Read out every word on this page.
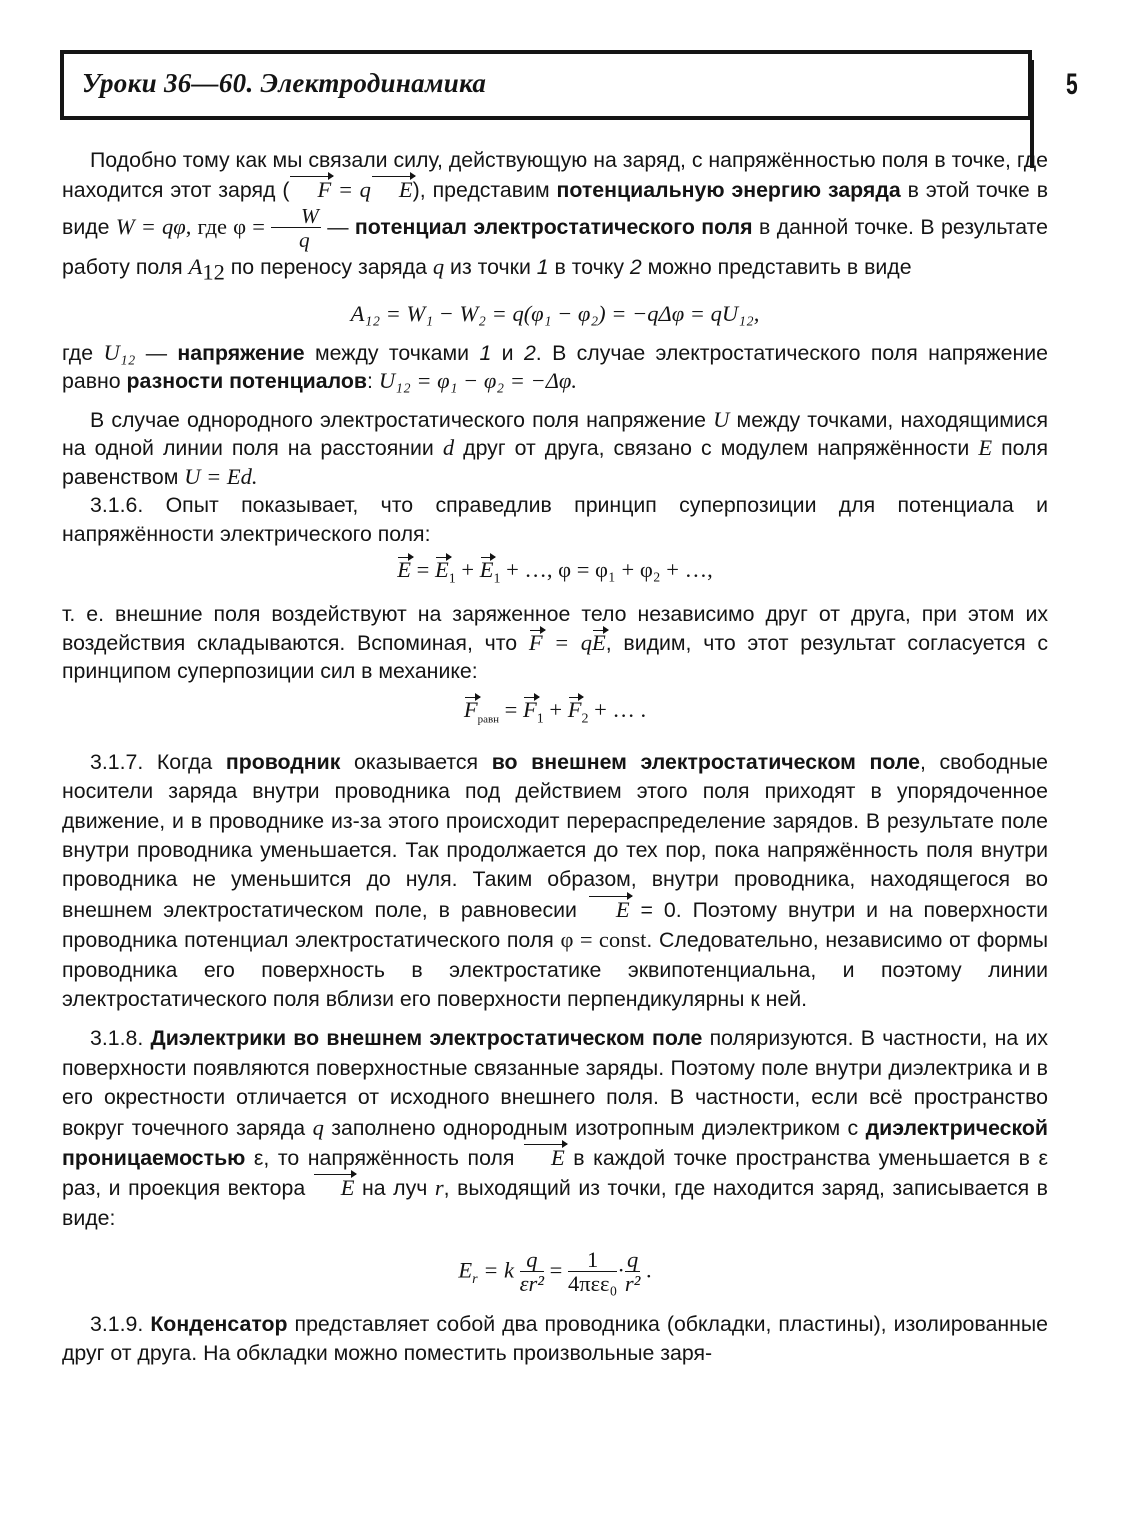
Уроки 36—60. Электродинамика	5

Подобно тому как мы связали силу, действующую на заряд, с напряжённостью поля в точке, где находится этот заряд ( F = q E), представим потенциальную энергию заряда в этой точке в виде W = qφ, где $\varphi = \frac{W}{q}$ — потенциал электростатического поля в данной точке. В результате работу поля $A_{12}$ по переносу заряда q из точки 1 в точку 2 можно представить в виде

A₁₂ = W₁ − W₂ = q(φ₁ − φ₂) = −qΔφ = qU₁₂,

где U₁₂ — напряжение между точками 1 и 2. В случае электростатического поля напряжение равно разности потенциалов: U₁₂ = φ₁ − φ₂ = −Δφ.

В случае однородного электростатического поля напряжение U между точками, находящимися на одной линии поля на расстоянии d друг от друга, связано с модулем напряжённости E поля равенством U = Ed.

3.1.6. Опыт показывает, что справедлив принцип суперпозиции для потенциала и напряжённости электрического поля:

$E = E_1 + E_1$ + …, φ = φ₁ + φ₂ + …,

т. е. внешние поля воздействуют на заряженное тело независимо друг от друга, при этом их воздействия складываются. Вспоминая, что F = qE, видим, что этот результат согласуется с принципом суперпозиции сил в механике:

$F_{равн} = F_1 + F_2$ + … .

3.1.7. Когда проводник оказывается во внешнем электростатическом поле, свободные носители заряда внутри проводника под действием этого поля приходят в упорядоченное движение, и в проводнике из-за этого происходит перераспределение зарядов. В результате поле внутри проводника уменьшается. Так продолжается до тех пор, пока напряжённость поля внутри проводника не уменьшится до нуля. Таким образом, внутри проводника, находящегося во внешнем электростатическом поле, в равновесии E = 0. Поэтому внутри и на поверхности проводника потенциал электростатического поля φ = const. Следовательно, независимо от формы проводника его поверхность в электростатике эквипотенциальна, и поэтому линии электростатического поля вблизи его поверхности перпендикулярны к ней.

3.1.8. Диэлектрики во внешнем электростатическом поле поляризуются. В частности, на их поверхности появляются поверхностные связанные заряды. Поэтому поле внутри диэлектрика и в его окрестности отличается от исходного внешнего поля. В частности, если всё пространство вокруг точечного заряда q заполнено однородным изотропным диэлектриком с диэлектрической проницаемостью ε, то напряжённость поля E в каждой точке пространства уменьшается в ε раз, и проекция вектора E на луч r, выходящий из точки, где находится заряд, записывается в виде:

$E_r = k \frac{q}{\text{εr²}} = \frac{1}{\text{4πεε₀}} \cdot \frac{q}{\text{r²}}$ .

3.1.9. Конденсатор представляет собой два проводника (обкладки, пластины), изолированные друг от друга. На обкладки можно поместить произвольные заря-
